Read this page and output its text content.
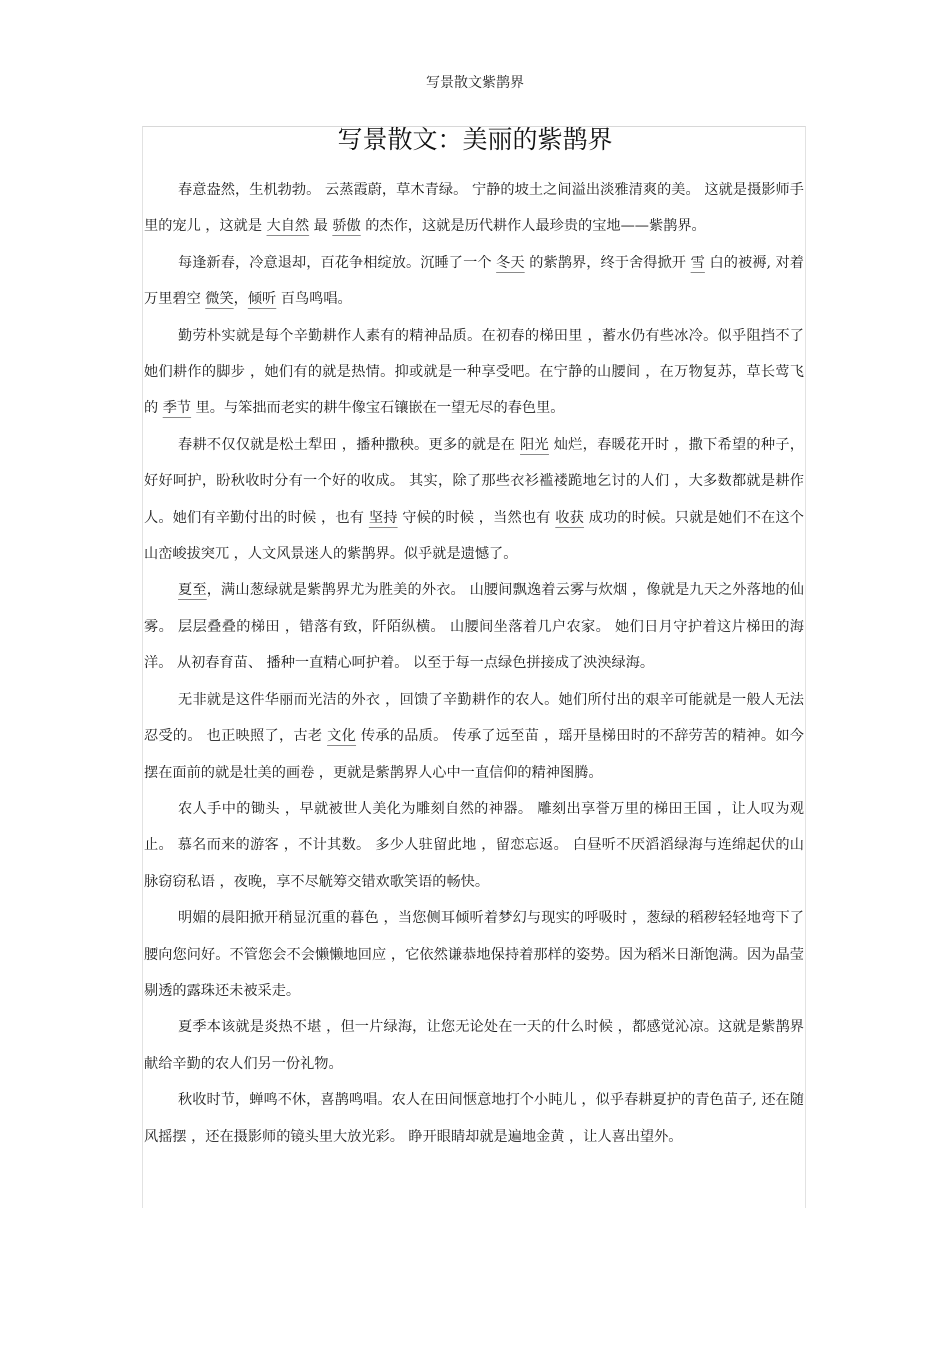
写景散文紫鹊界
写景散文：美丽的紫鹊界

春意盎然，生机勃勃。 云蒸霞蔚，草木青绿。 宁静的坡土之间溢出淡雅清爽的美。 这就是摄影师手里的宠儿 ，这就是 大自然 最 骄傲 的杰作，这就是历代耕作人最珍贵的宝地——紫鹊界。

每逢新春，冷意退却，百花争相绽放。沉睡了一个 冬天 的紫鹊界，终于舍得掀开 雪 白的被褥, 对着万里碧空 微笑，倾听 百鸟鸣唱。

勤劳朴实就是每个辛勤耕作人素有的精神品质。在初春的梯田里 ，蓄水仍有些冰冷。似乎阻挡不了她们耕作的脚步 ，她们有的就是热情。抑或就是一种享受吧。在宁静的山腰间 ，在万物复苏，草长莺飞的 季节 里。与笨拙而老实的耕牛像宝石镶嵌在一望无尽的春色里。

春耕不仅仅就是松土犁田 ，播种撒秧。更多的就是在 阳光 灿烂，春暖花开时 ，撒下希望的种子，好好呵护，盼秋收时分有一个好的收成。 其实，除了那些衣衫褴褛跪地乞讨的人们 ，大多数都就是耕作人。她们有辛勤付出的时候 ，也有 坚持 守候的时候 ，当然也有 收获 成功的时候。只就是她们不在这个山峦峻拔突兀 ，人文风景迷人的紫鹊界。似乎就是遗憾了。

夏至，满山葱绿就是紫鹊界尤为胜美的外衣。 山腰间飘逸着云雾与炊烟 ，像就是九天之外落地的仙雾。 层层叠叠的梯田 ，错落有致，阡陌纵横。 山腰间坐落着几户农家。 她们日月守护着这片梯田的海洋。 从初春育苗、 播种一直精心呵护着。 以至于每一点绿色拼接成了泱泱绿海。

无非就是这件华丽而光洁的外衣 ，回馈了辛勤耕作的农人。她们所付出的艰辛可能就是一般人无法忍受的。 也正映照了，古老 文化 传承的品质。 传承了远至苗 ，瑶开垦梯田时的不辞劳苦的精神。如今摆在面前的就是壮美的画卷 ，更就是紫鹊界人心中一直信仰的精神图腾。

农人手中的锄头 ，早就被世人美化为雕刻自然的神器。 雕刻出享誉万里的梯田王国 ，让人叹为观止。 慕名而来的游客 ，不计其数。 多少人驻留此地 ，留恋忘返。 白昼听不厌滔滔绿海与连绵起伏的山脉窃窃私语 ，夜晚，享不尽觥筹交错欢歌笑语的畅快。

明媚的晨阳掀开稍显沉重的暮色 ，当您侧耳倾听着梦幻与现实的呼吸时 ，葱绿的稻秽轻轻地弯下了腰向您问好。不管您会不会懒懒地回应 ，它依然谦恭地保持着那样的姿势。因为稻米日渐饱满。因为晶莹剔透的露珠还未被采走。

夏季本该就是炎热不堪 ，但一片绿海，让您无论处在一天的什么时候 ，都感觉沁凉。这就是紫鹊界献给辛勤的农人们另一份礼物。

秋收时节，蝉鸣不休，喜鹊鸣唱。农人在田间惬意地打个小盹儿 ，似乎春耕夏护的青色苗子, 还在随风摇摆 ，还在摄影师的镜头里大放光彩。 睁开眼睛却就是遍地金黄 ，让人喜出望外。
